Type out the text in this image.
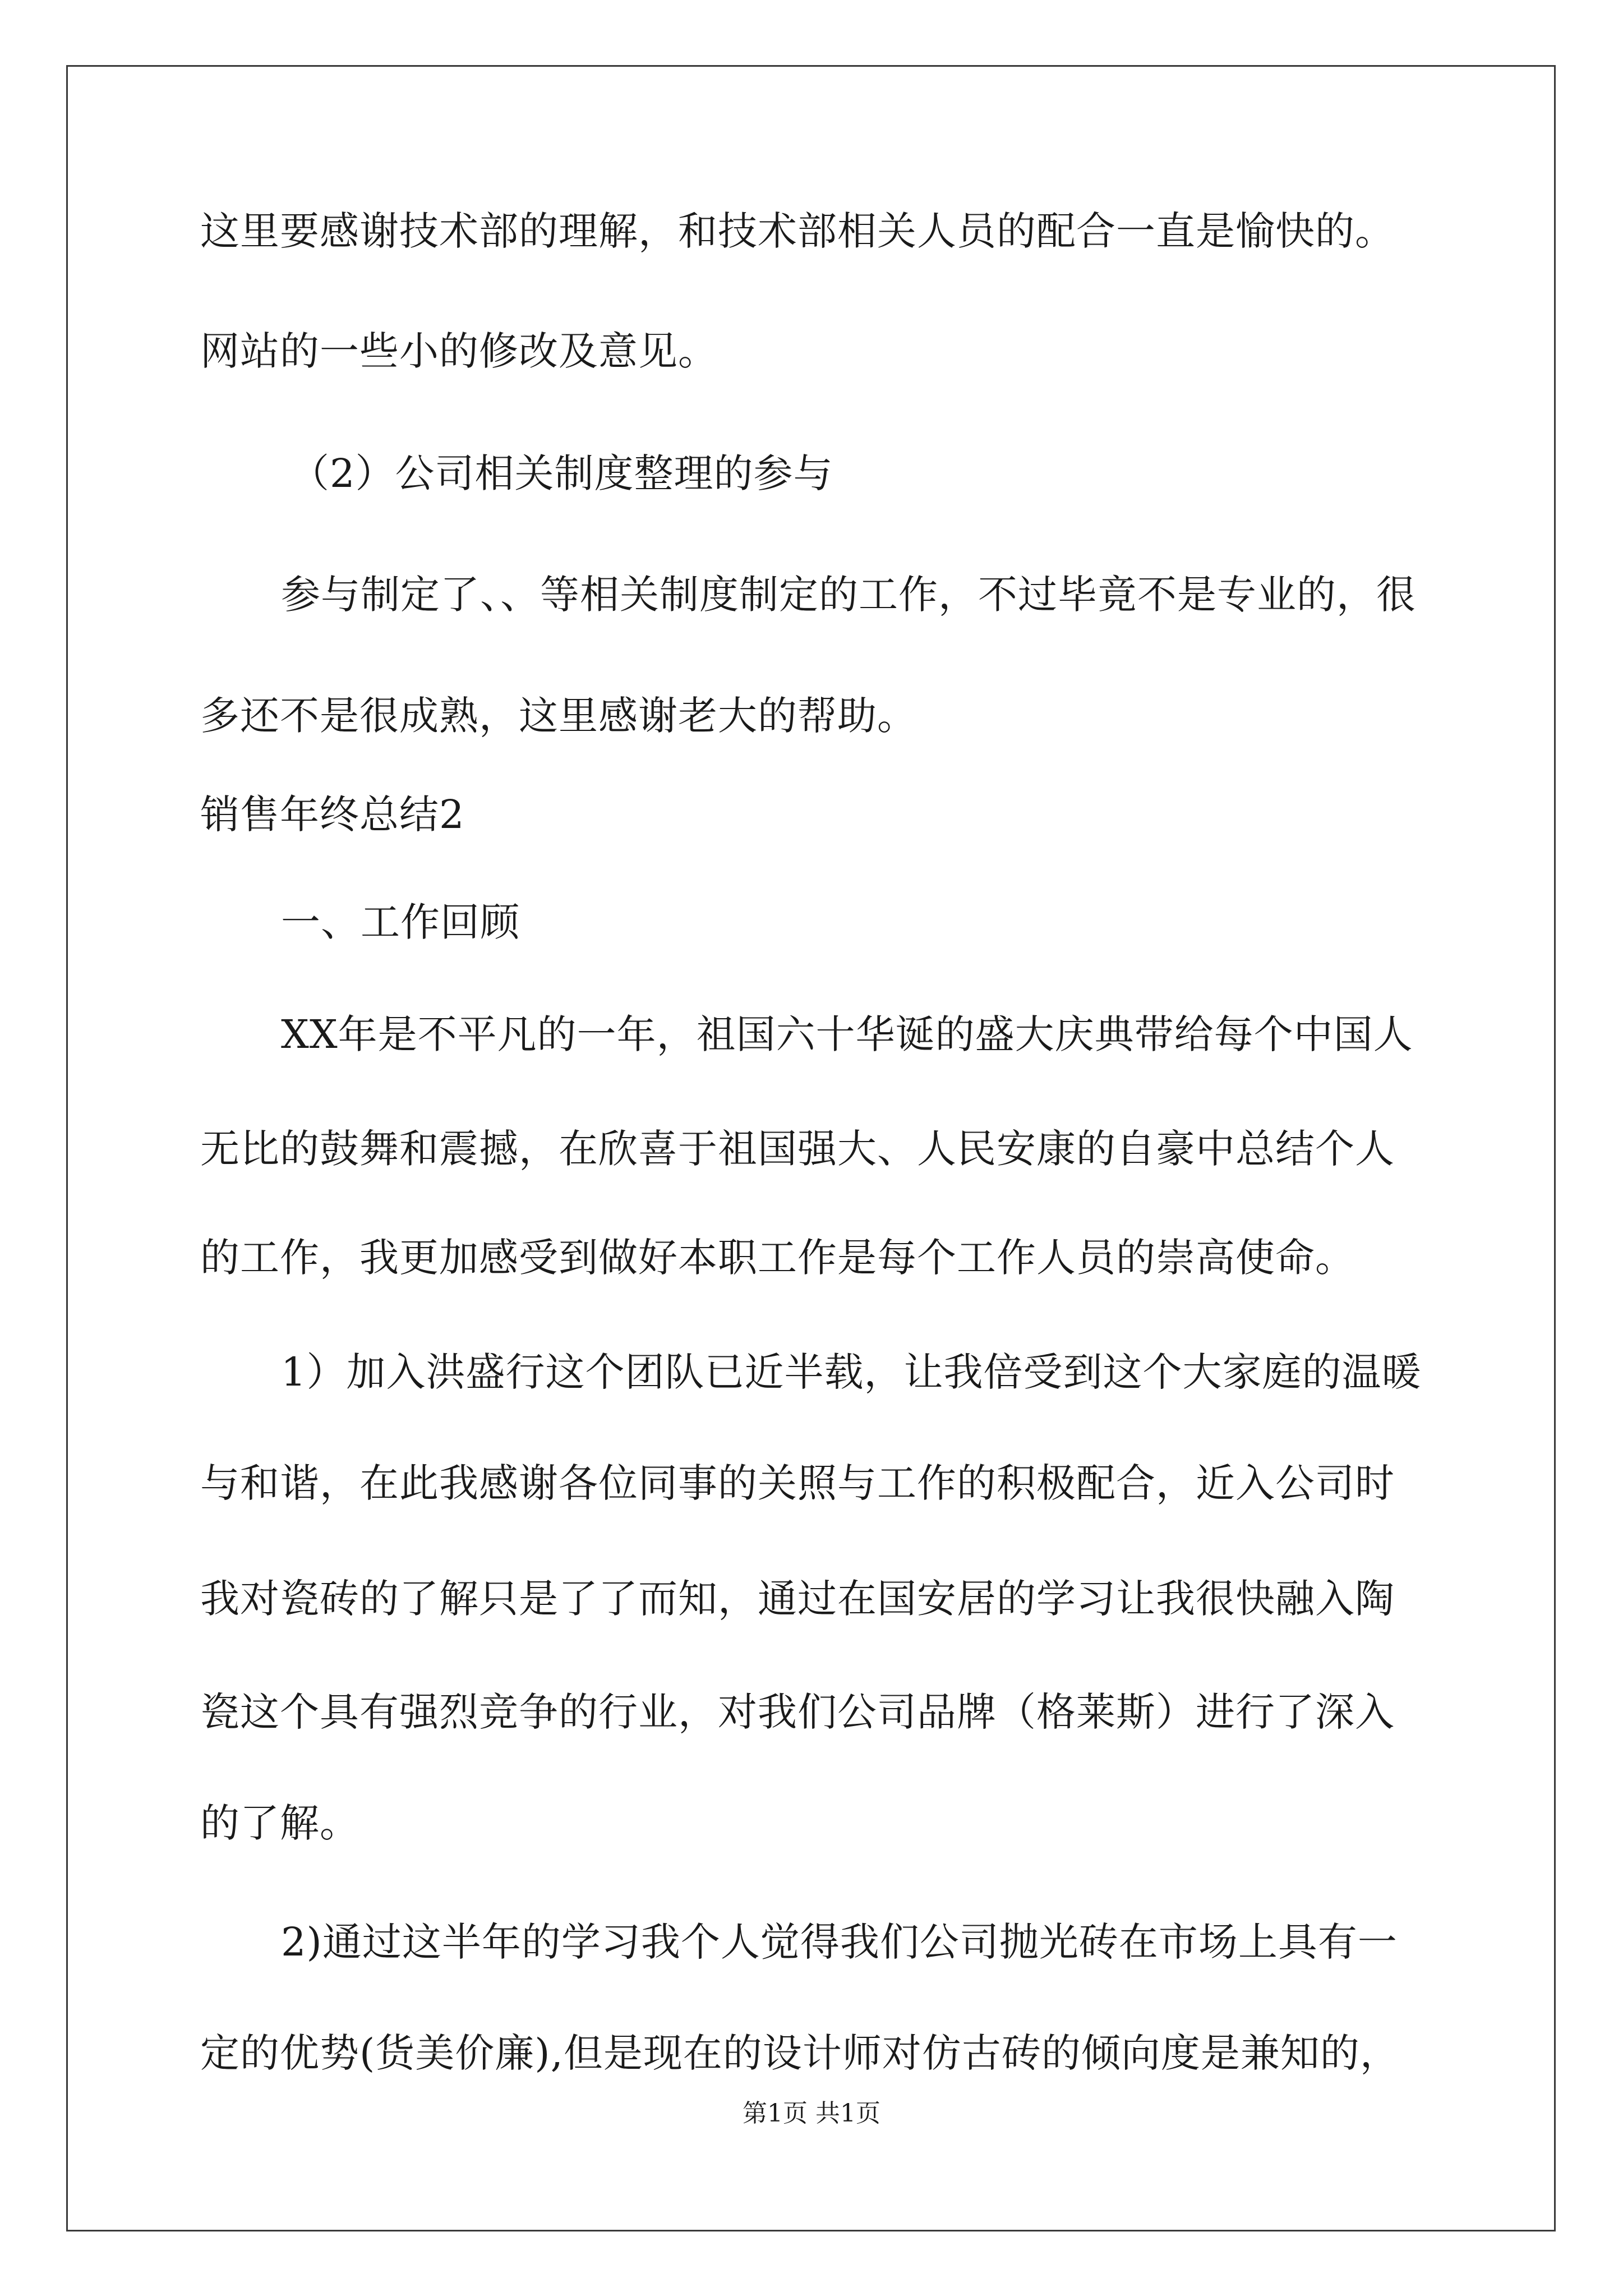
这里要感谢技术部的理解，和技术部相关人员的配合一直是愉快的。
网站的一些小的修改及意见。
（2）公司相关制度整理的参与
参与制定了、、等相关制度制定的工作，不过毕竟不是专业的，很
多还不是很成熟，这里感谢老大的帮助。
销售年终总结2
一、工作回顾
XX年是不平凡的一年，祖国六十华诞的盛大庆典带给每个中国人
无比的鼓舞和震撼，在欣喜于祖国强大、人民安康的自豪中总结个人
的工作，我更加感受到做好本职工作是每个工作人员的崇高使命。
1）加入洪盛行这个团队已近半载，让我倍受到这个大家庭的温暖
与和谐，在此我感谢各位同事的关照与工作的积极配合，近入公司时
我对瓷砖的了解只是了了而知，通过在国安居的学习让我很快融入陶
瓷这个具有强烈竞争的行业，对我们公司品牌（格莱斯）进行了深入
的了解。
2)通过这半年的学习我个人觉得我们公司抛光砖在市场上具有一
定的优势(货美价廉),但是现在的设计师对仿古砖的倾向度是兼知的，
第1页 共1页
